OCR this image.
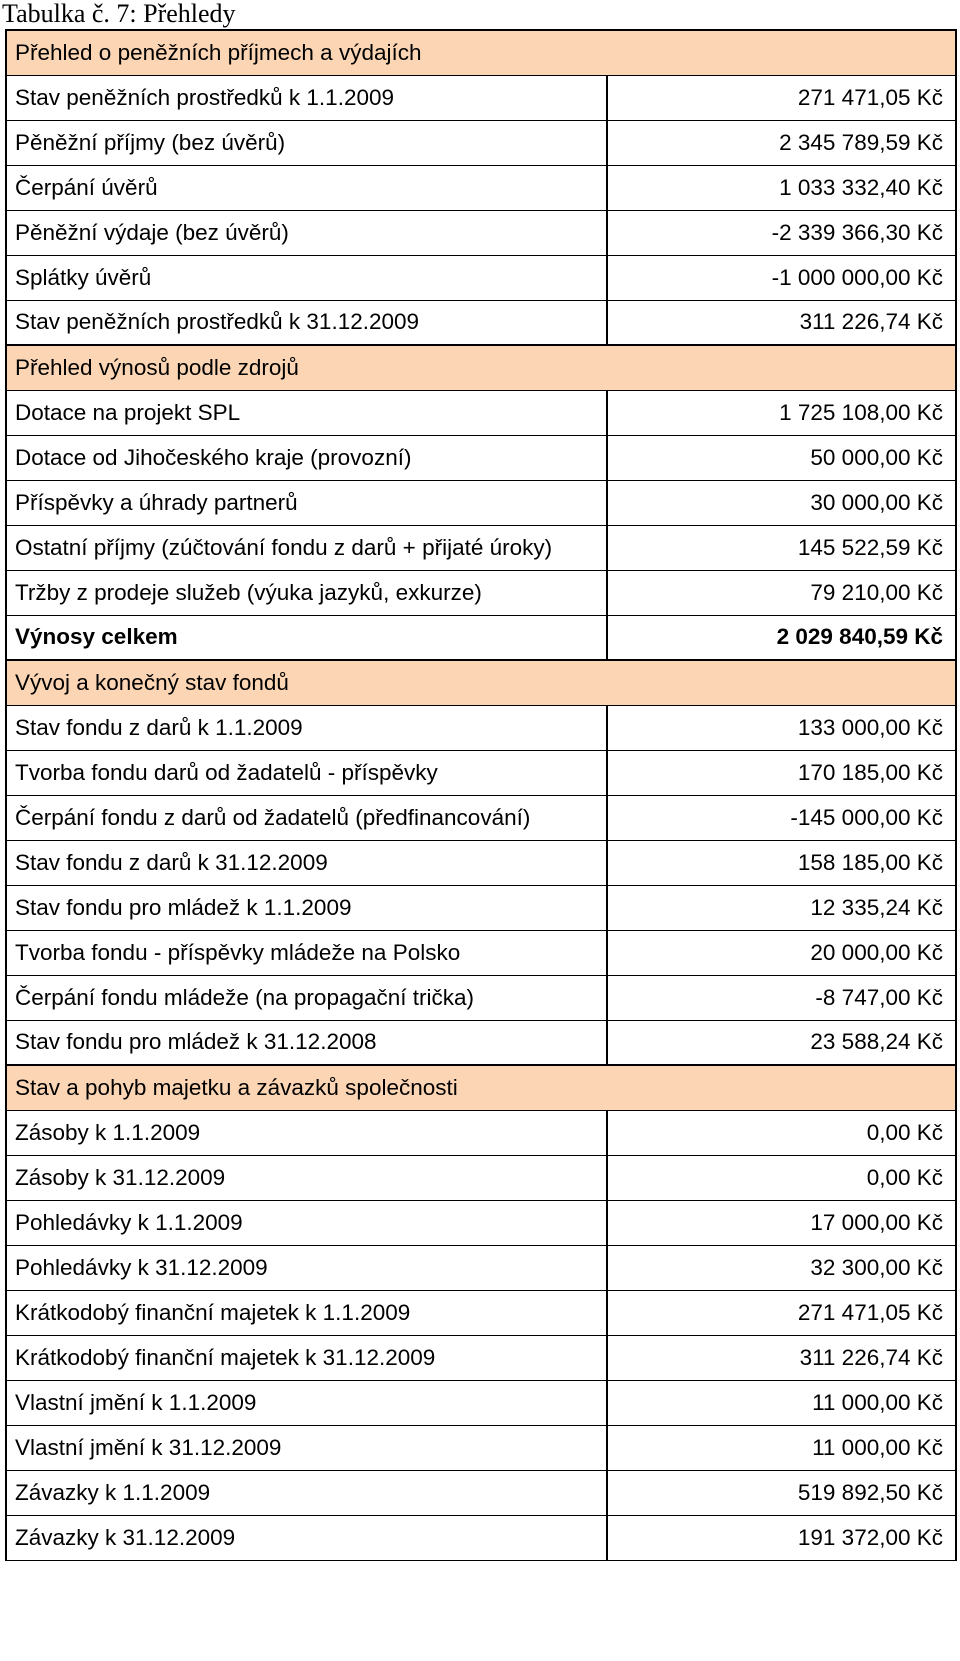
Tabulka č. 7: Přehledy
Přehled o peněžních příjmech a výdajích	
Stav peněžních prostředků k 1.1.2009	271 471,05 Kč
Pěněžní příjmy (bez úvěrů)	2 345 789,59 Kč
Čerpání úvěrů	1 033 332,40 Kč
Pěněžní výdaje (bez úvěrů)	-2 339 366,30 Kč
Splátky úvěrů	-1 000 000,00 Kč
Stav peněžních prostředků k 31.12.2009	311 226,74 Kč
Přehled výnosů podle zdrojů	
Dotace na projekt SPL	1 725 108,00 Kč
Dotace od Jihočeského kraje (provozní)	50 000,00 Kč
Příspěvky a úhrady partnerů	30 000,00 Kč
Ostatní příjmy (zúčtování fondu z darů + přijaté úroky)	145 522,59 Kč
Tržby z prodeje služeb (výuka jazyků, exkurze)	79 210,00 Kč
Výnosy celkem	2 029 840,59 Kč
Vývoj a konečný stav fondů	
Stav fondu z darů k 1.1.2009	133 000,00 Kč
Tvorba fondu darů od žadatelů - příspěvky	170 185,00 Kč
Čerpání fondu z darů od žadatelů (předfinancování)	-145 000,00 Kč
Stav fondu z darů k 31.12.2009	158 185,00 Kč
Stav fondu pro mládež k 1.1.2009	12 335,24 Kč
Tvorba fondu - příspěvky mládeže na Polsko	20 000,00 Kč
Čerpání fondu mládeže (na propagační trička)	-8 747,00 Kč
Stav fondu pro mládež k 31.12.2008	23 588,24 Kč
Stav a pohyb majetku a závazků společnosti	
Zásoby k 1.1.2009	0,00 Kč
Zásoby k 31.12.2009	0,00 Kč
Pohledávky k 1.1.2009	17 000,00 Kč
Pohledávky k 31.12.2009	32 300,00 Kč
Krátkodobý finanční majetek k 1.1.2009	271 471,05 Kč
Krátkodobý finanční majetek k 31.12.2009	311 226,74 Kč
Vlastní jmění k 1.1.2009	11 000,00 Kč
Vlastní jmění k 31.12.2009	11 000,00 Kč
Závazky k 1.1.2009	519 892,50 Kč
Závazky k 31.12.2009	191 372,00 Kč
